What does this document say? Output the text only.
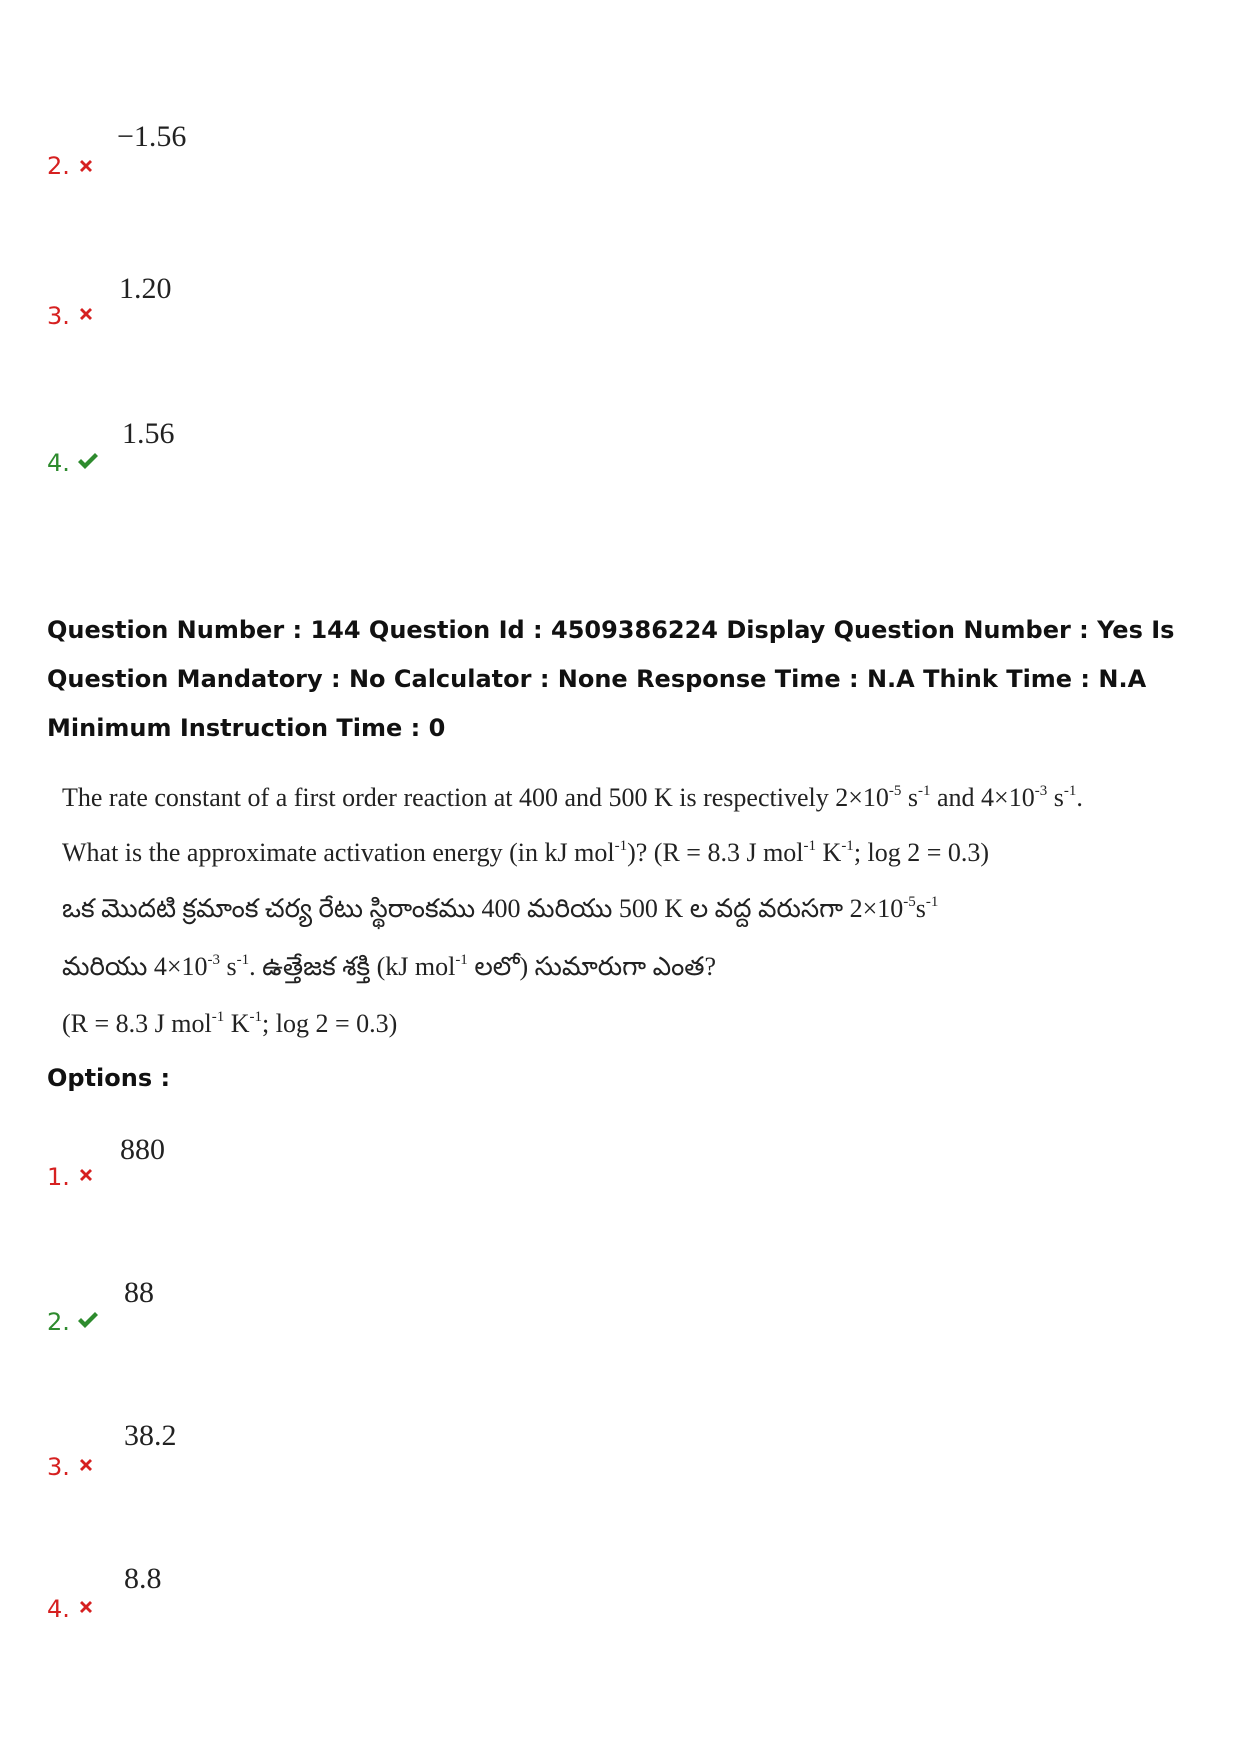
2.
−1.56
3.
1.20
4.
1.56
Question Number : 144 Question Id : 4509386224 Display Question Number : Yes Is Question Mandatory : No Calculator : None Response Time : N.A Think Time : N.A Minimum Instruction Time : 0
The rate constant of a first order reaction at 400 and 500 K is respectively $2\times 10^{-5}$ $s^{-1}$ and $4\times 10^{-3}$ $s^{-1}$.
What is the approximate activation energy (in kJ mol$^{-1}$)? (R = 8.3 J mol$^{-1}$ $K^{-1}$; log 2 = 0.3)
ఒక మొదటి క్రమాంక చర్య రేటు స్థిరాంకము 400 మరియు 500 K ల వద్ద వరుసగా $2\times 10^{-5}s^{-1}$
మరియు $4\times 10^{-3}$ $s^{-1}$. ఉత్తేజక శక్తి (kJ mol$^{-1}$ లలో) సుమారుగా ఎంత?
(R = 8.3 J mol$^{-1}$ $K^{-1}$; log 2 = 0.3)
Options :
1.
880
2.
88
3.
38.2
4.
8.8
